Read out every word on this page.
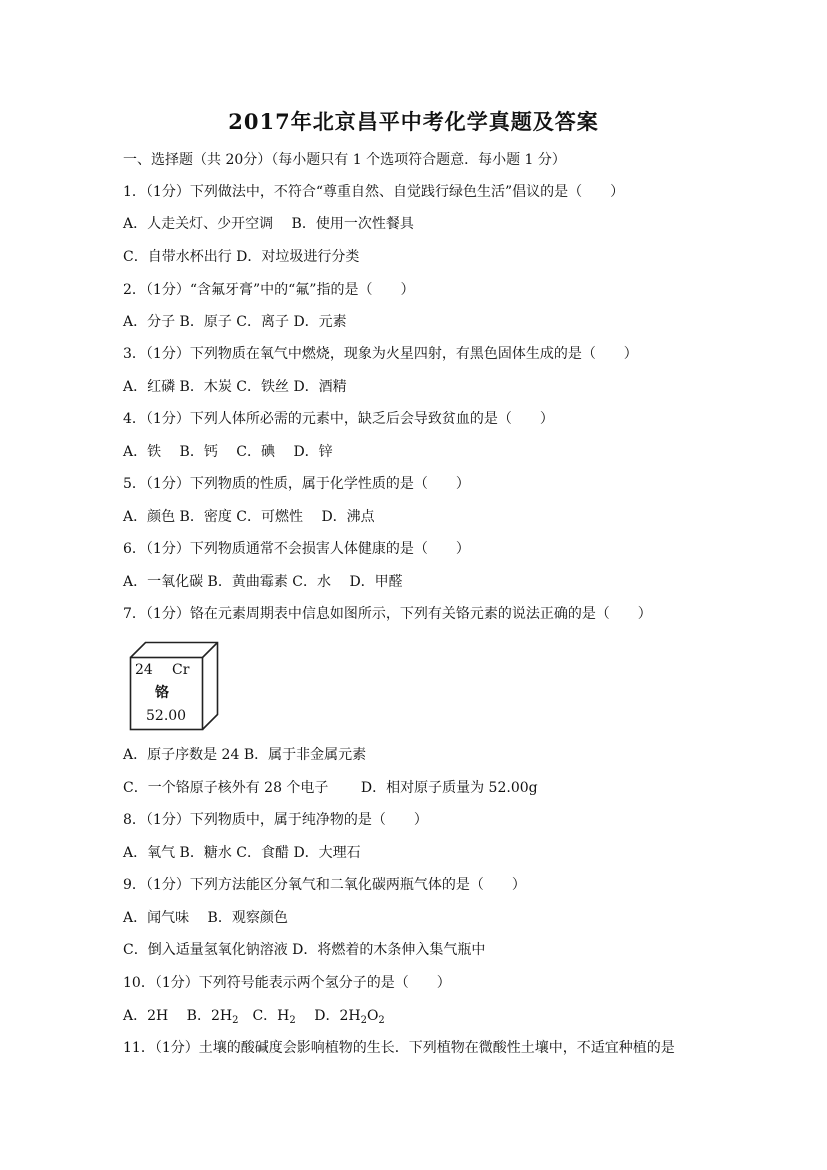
2017年北京昌平中考化学真题及答案
一、选择题（共 20分）（每小题只有 1 个选项符合题意．每小题 1 分）
1．（1分）下列做法中，不符合“尊重自然、自觉践行绿色生活”倡议的是（　　）
A．人走关灯、少开空调　 B．使用一次性餐具
C．自带水杯出行 D．对垃圾进行分类
2．（1分）“含氟牙膏”中的“氟”指的是（　　）
A．分子 B．原子 C．离子 D．元素
3．（1分）下列物质在氧气中燃烧，现象为火星四射，有黑色固体生成的是（　　）
A．红磷 B．木炭 C．铁丝 D．酒精
4．（1分）下列人体所必需的元素中，缺乏后会导致贫血的是（　　）
A．铁　 B．钙　 C．碘　 D．锌
5．（1分）下列物质的性质，属于化学性质的是（　　）
A．颜色 B．密度 C．可燃性　 D．沸点
6．（1分）下列物质通常不会损害人体健康的是（　　）
A．一氧化碳 B．黄曲霉素 C．水　 D．甲醛
7．（1分）铬在元素周期表中信息如图所示，下列有关铬元素的说法正确的是（　　）
24 Cr
铬
52.00
A．原子序数是 24 B．属于非金属元素
C．一个铬原子核外有 28 个电子　　 D．相对原子质量为 52.00g
8．（1分）下列物质中，属于纯净物的是（　　）
A．氧气 B．糖水 C．食醋 D．大理石
9．（1分）下列方法能区分氧气和二氧化碳两瓶气体的是（　　）
A．闻气味　 B．观察颜色
C．倒入适量氢氧化钠溶液 D．将燃着的木条伸入集气瓶中
10．（1分）下列符号能表示两个氢分子的是（　　）
A．2H　 B．$2H_2$　C．$H_2$　 D．$2H_2O_2$
11．（1分）土壤的酸碱度会影响植物的生长．下列植物在微酸性土壤中，不适宜种植的是
